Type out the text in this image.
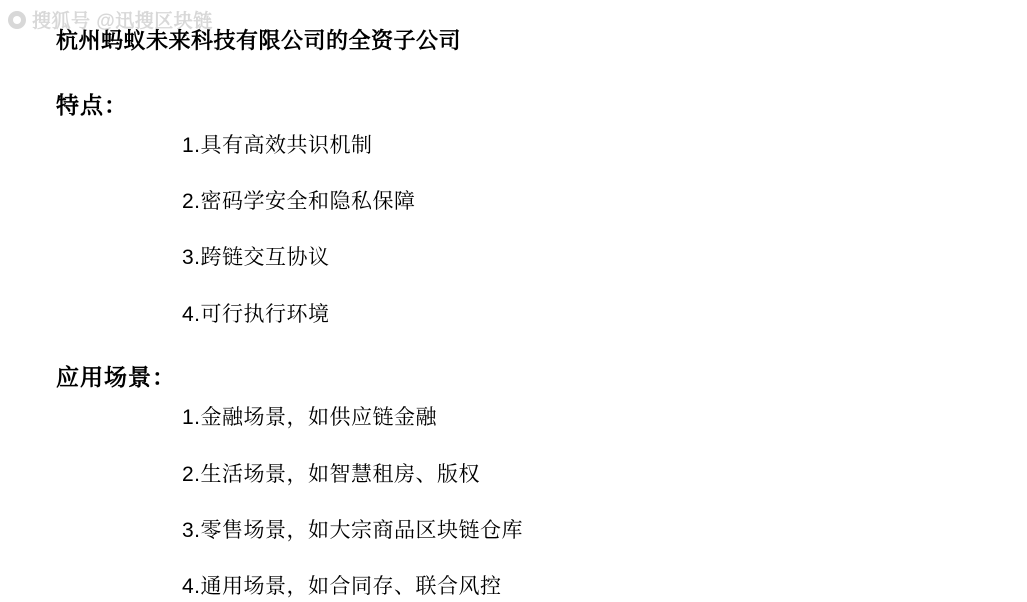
搜狐号 @迅搜区块链
杭州蚂蚁未来科技有限公司的全资子公司
特点：
1.具有高效共识机制
2.密码学安全和隐私保障
3.跨链交互协议
4.可行执行环境
应用场景：
1.金融场景，如供应链金融
2.生活场景，如智慧租房、版权
3.零售场景，如大宗商品区块链仓库
4.通用场景，如合同存、联合风控
